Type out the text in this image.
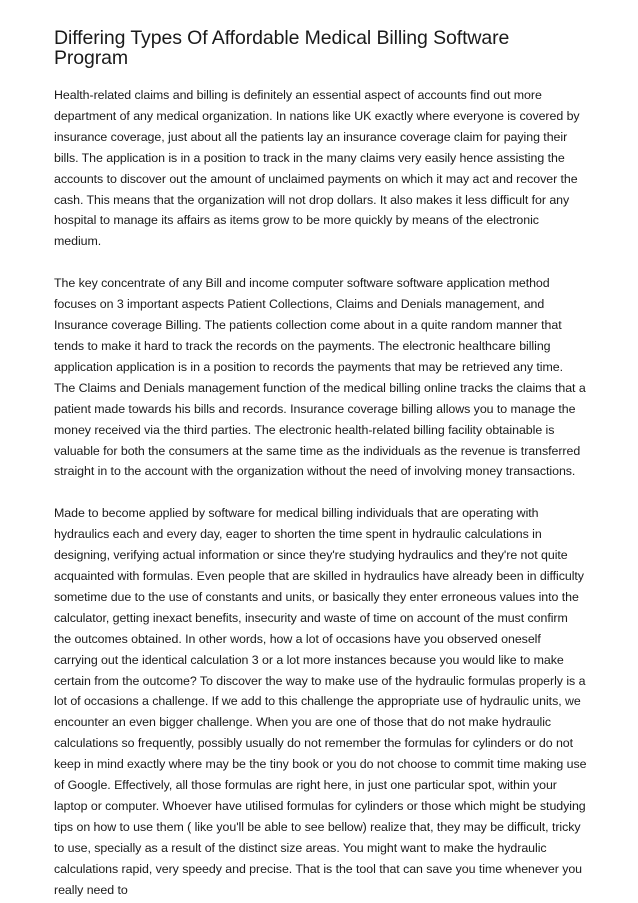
Differing Types Of Affordable Medical Billing Software Program

Health-related claims and billing is definitely an essential aspect of accounts find out more department of any medical organization. In nations like UK exactly where everyone is covered by insurance coverage, just about all the patients lay an insurance coverage claim for paying their bills. The application is in a position to track in the many claims very easily hence assisting the accounts to discover out the amount of unclaimed payments on which it may act and recover the cash. This means that the organization will not drop dollars. It also makes it less difficult for any hospital to manage its affairs as items grow to be more quickly by means of the electronic medium.

The key concentrate of any Bill and income computer software software application method focuses on 3 important aspects Patient Collections, Claims and Denials management, and Insurance coverage Billing. The patients collection come about in a quite random manner that tends to make it hard to track the records on the payments. The electronic healthcare billing application application is in a position to records the payments that may be retrieved any time. The Claims and Denials management function of the medical billing online tracks the claims that a patient made towards his bills and records. Insurance coverage billing allows you to manage the money received via the third parties. The electronic health-related billing facility obtainable is valuable for both the consumers at the same time as the individuals as the revenue is transferred straight in to the account with the organization without the need of involving money transactions.

Made to become applied by software for medical billing individuals that are operating with hydraulics each and every day, eager to shorten the time spent in hydraulic calculations in designing, verifying actual information or since they're studying hydraulics and they're not quite acquainted with formulas. Even people that are skilled in hydraulics have already been in difficulty sometime due to the use of constants and units, or basically they enter erroneous values into the calculator, getting inexact benefits, insecurity and waste of time on account of the must confirm the outcomes obtained. In other words, how a lot of occasions have you observed oneself carrying out the identical calculation 3 or a lot more instances because you would like to make certain from the outcome? To discover the way to make use of the hydraulic formulas properly is a lot of occasions a challenge. If we add to this challenge the appropriate use of hydraulic units, we encounter an even bigger challenge. When you are one of those that do not make hydraulic calculations so frequently, possibly usually do not remember the formulas for cylinders or do not keep in mind exactly where may be the tiny book or you do not choose to commit time making use of Google. Effectively, all those formulas are right here, in just one particular spot, within your laptop or computer. Whoever have utilised formulas for cylinders or those which might be studying tips on how to use them ( like you'll be able to see bellow) realize that, they may be difficult, tricky to use, specially as a result of the distinct size areas. You might want to make the hydraulic calculations rapid, very speedy and precise. That is the tool that can save you time whenever you really need to
